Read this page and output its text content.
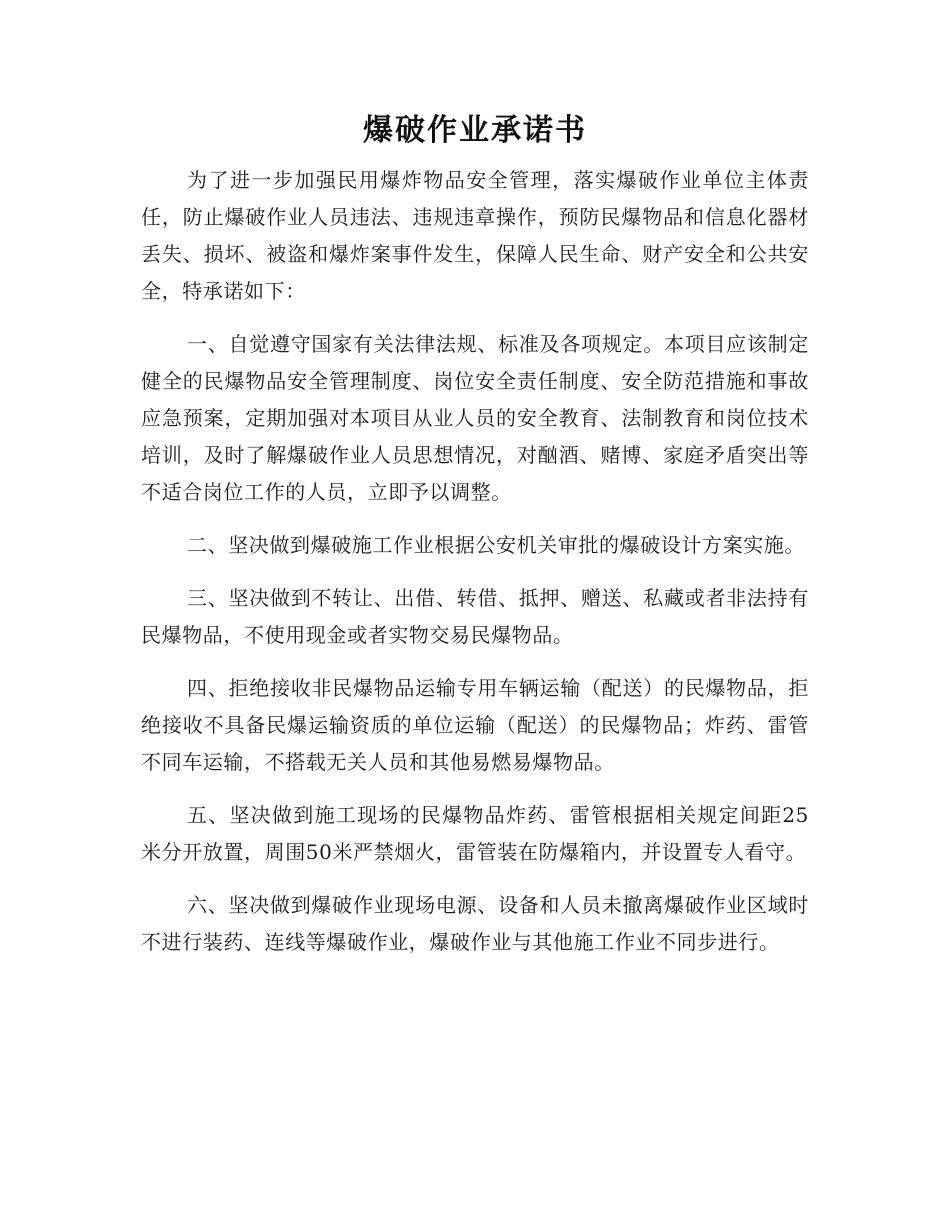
爆破作业承诺书

为了进一步加强民用爆炸物品安全管理，落实爆破作业单位主体责任，防止爆破作业人员违法、违规违章操作，预防民爆物品和信息化器材丢失、损坏、被盗和爆炸案事件发生，保障人民生命、财产安全和公共安全，特承诺如下：

一、自觉遵守国家有关法律法规、标准及各项规定。本项目应该制定健全的民爆物品安全管理制度、岗位安全责任制度、安全防范措施和事故应急预案，定期加强对本项目从业人员的安全教育、法制教育和岗位技术培训，及时了解爆破作业人员思想情况，对酗酒、赌博、家庭矛盾突出等不适合岗位工作的人员，立即予以调整。

二、坚决做到爆破施工作业根据公安机关审批的爆破设计方案实施。

三、坚决做到不转让、出借、转借、抵押、赠送、私藏或者非法持有民爆物品，不使用现金或者实物交易民爆物品。

四、拒绝接收非民爆物品运输专用车辆运输（配送）的民爆物品，拒绝接收不具备民爆运输资质的单位运输（配送）的民爆物品；炸药、雷管不同车运输，不搭载无关人员和其他易燃易爆物品。

五、坚决做到施工现场的民爆物品炸药、雷管根据相关规定间距25米分开放置，周围50米严禁烟火，雷管装在防爆箱内，并设置专人看守。

六、坚决做到爆破作业现场电源、设备和人员未撤离爆破作业区域时不进行装药、连线等爆破作业，爆破作业与其他施工作业不同步进行。
